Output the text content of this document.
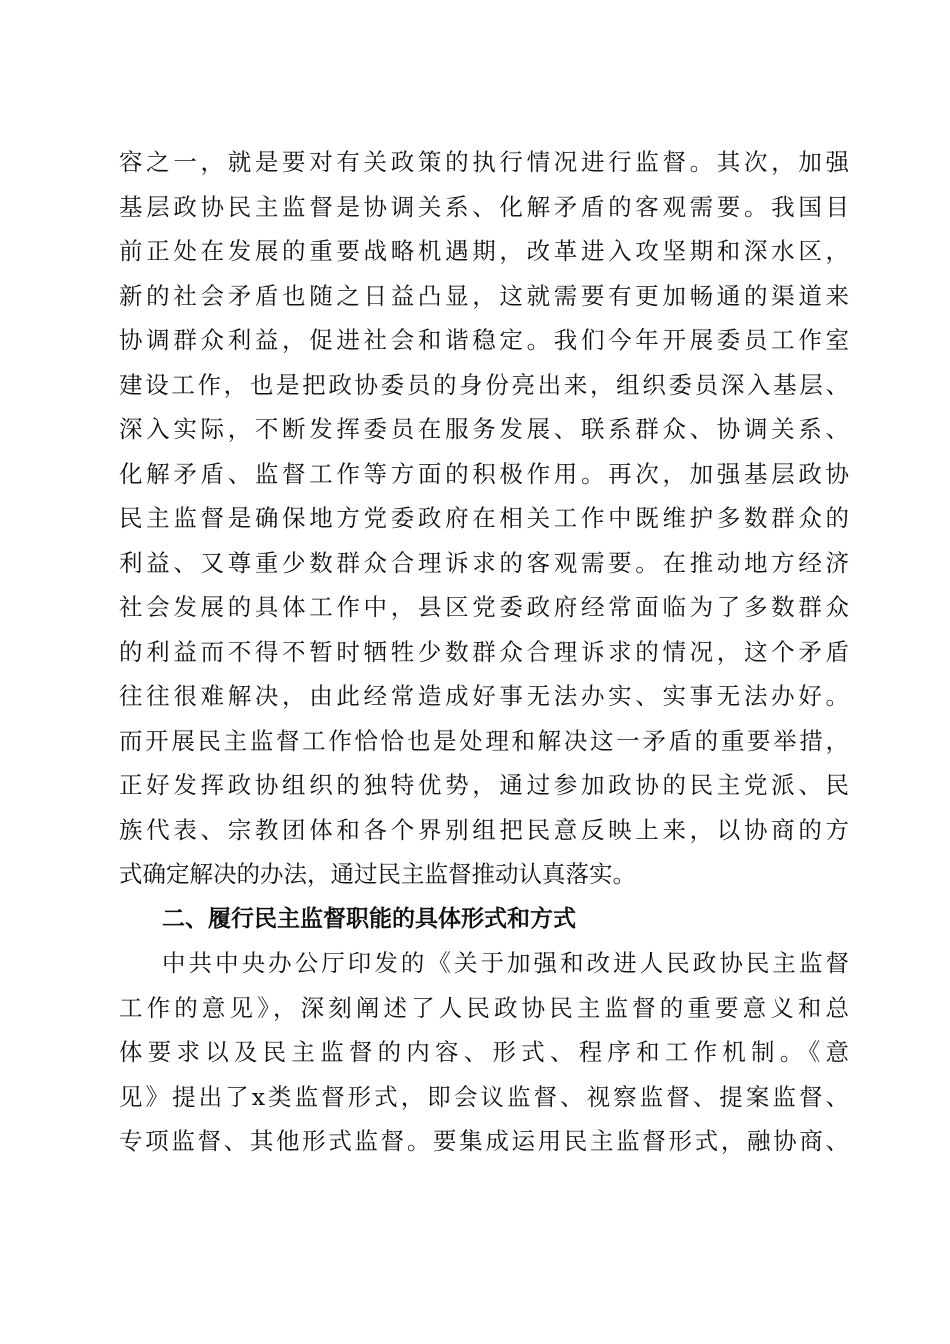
容之一，就是要对有关政策的执行情况进行监督。其次，加强
基层政协民主监督是协调关系、化解矛盾的客观需要。我国目
前正处在发展的重要战略机遇期，改革进入攻坚期和深水区，
新的社会矛盾也随之日益凸显，这就需要有更加畅通的渠道来
协调群众利益，促进社会和谐稳定。我们今年开展委员工作室
建设工作，也是把政协委员的身份亮出来，组织委员深入基层、
深入实际，不断发挥委员在服务发展、联系群众、协调关系、
化解矛盾、监督工作等方面的积极作用。再次，加强基层政协
民主监督是确保地方党委政府在相关工作中既维护多数群众的
利益、又尊重少数群众合理诉求的客观需要。在推动地方经济
社会发展的具体工作中，县区党委政府经常面临为了多数群众
的利益而不得不暂时牺牲少数群众合理诉求的情况，这个矛盾
往往很难解决，由此经常造成好事无法办实、实事无法办好。
而开展民主监督工作恰恰也是处理和解决这一矛盾的重要举措，
正好发挥政协组织的独特优势，通过参加政协的民主党派、民
族代表、宗教团体和各个界别组把民意反映上来，以协商的方
式确定解决的办法，通过民主监督推动认真落实。
二、履行民主监督职能的具体形式和方式
中共中央办公厅印发的《关于加强和改进人民政协民主监督
工作的意见》，深刻阐述了人民政协民主监督的重要意义和总
体要求以及民主监督的内容、形式、程序和工作机制。《意
见》提出了x类监督形式，即会议监督、视察监督、提案监督、
专项监督、其他形式监督。要集成运用民主监督形式，融协商、
